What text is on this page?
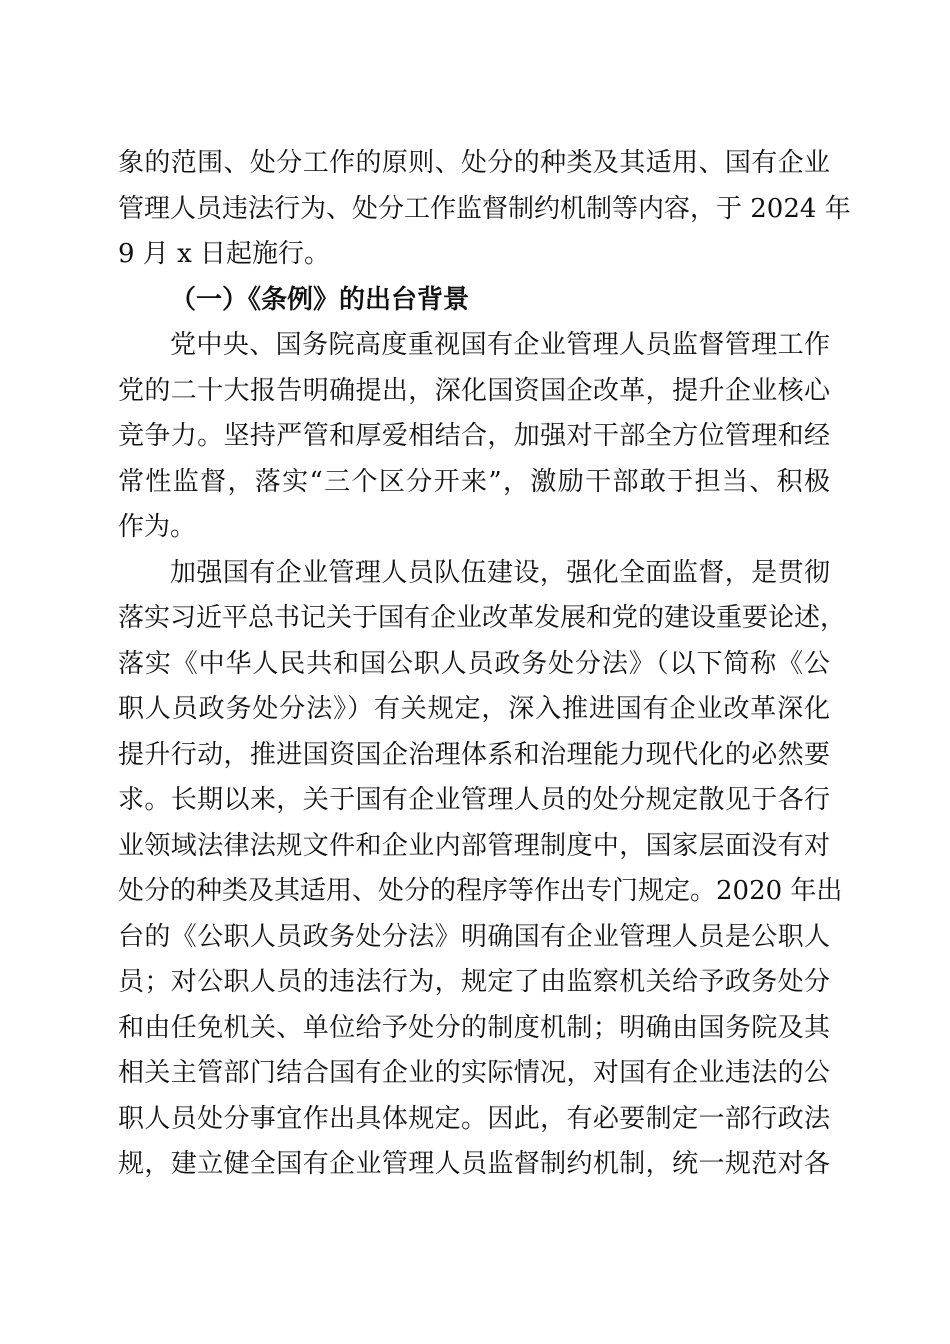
象的范围、处分工作的原则、处分的种类及其适用、国有企业
管理人员违法行为、处分工作监督制约机制等内容，于 2024 年
9 月 x 日起施行。
（一）《条例》的出台背景
党中央、国务院高度重视国有企业管理人员监督管理工作
党的二十大报告明确提出，深化国资国企改革，提升企业核心
竞争力。坚持严管和厚爱相结合，加强对干部全方位管理和经
常性监督，落实“三个区分开来”，激励干部敢于担当、积极
作为。
加强国有企业管理人员队伍建设，强化全面监督，是贯彻
落实习近平总书记关于国有企业改革发展和党的建设重要论述，
落实《中华人民共和国公职人员政务处分法》（以下简称《公
职人员政务处分法》）有关规定，深入推进国有企业改革深化
提升行动，推进国资国企治理体系和治理能力现代化的必然要
求。长期以来，关于国有企业管理人员的处分规定散见于各行
业领域法律法规文件和企业内部管理制度中，国家层面没有对
处分的种类及其适用、处分的程序等作出专门规定。2020 年出
台的《公职人员政务处分法》明确国有企业管理人员是公职人
员；对公职人员的违法行为，规定了由监察机关给予政务处分
和由任免机关、单位给予处分的制度机制；明确由国务院及其
相关主管部门结合国有企业的实际情况，对国有企业违法的公
职人员处分事宜作出具体规定。因此，有必要制定一部行政法
规，建立健全国有企业管理人员监督制约机制，统一规范对各
